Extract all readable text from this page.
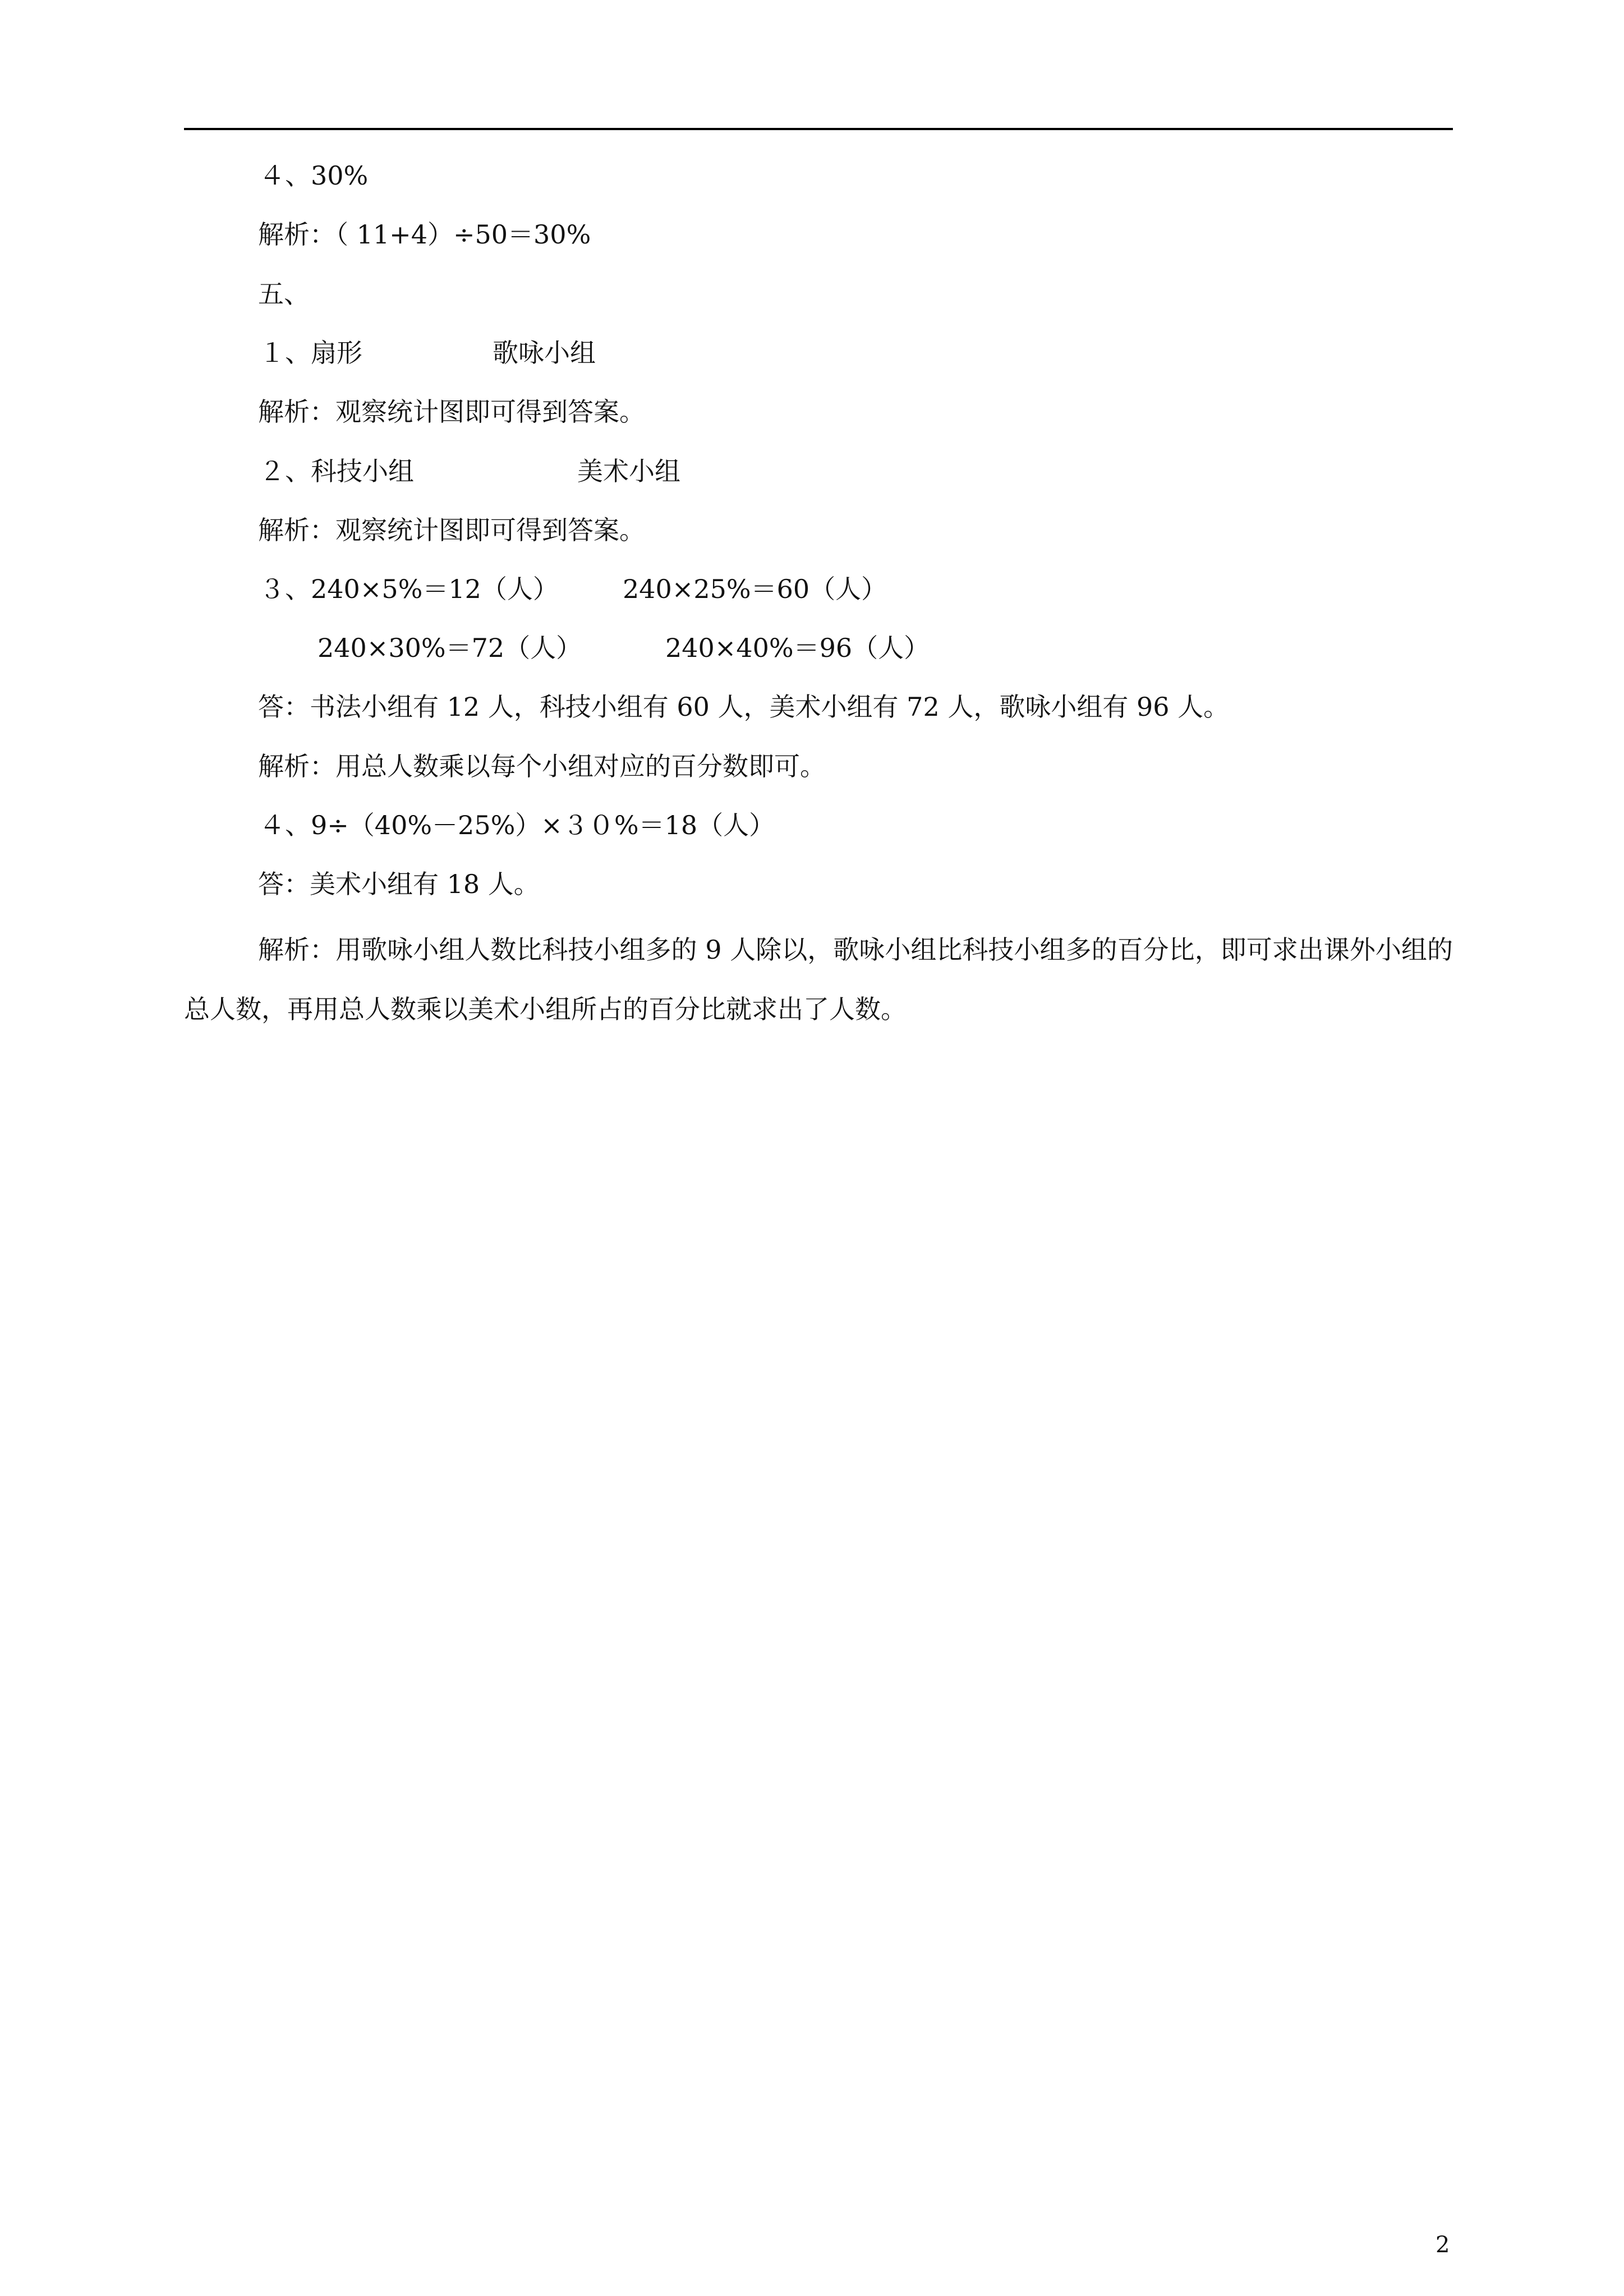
４、30%
解析：（ 11+4）÷50＝30%
五、
１、扇形	歌咏小组
解析：观察统计图即可得到答案。
２、科技小组	美术小组
解析：观察统计图即可得到答案。
３、240×5%＝12（人） 240×25%＝60（人）
240×30%＝72（人）	240×40%＝96（人）
答：书法小组有 12 人，科技小组有 60 人，美术小组有 72 人，歌咏小组有 96 人。
解析：用总人数乘以每个小组对应的百分数即可。
４、9÷（40%－25%）×３０%＝18（人）
答：美术小组有 18 人。
解析：用歌咏小组人数比科技小组多的 9 人除以，歌咏小组比科技小组多的百分比，即可求出课外小组的总人数，再用总人数乘以美术小组所占的百分比就求出了人数。
2
